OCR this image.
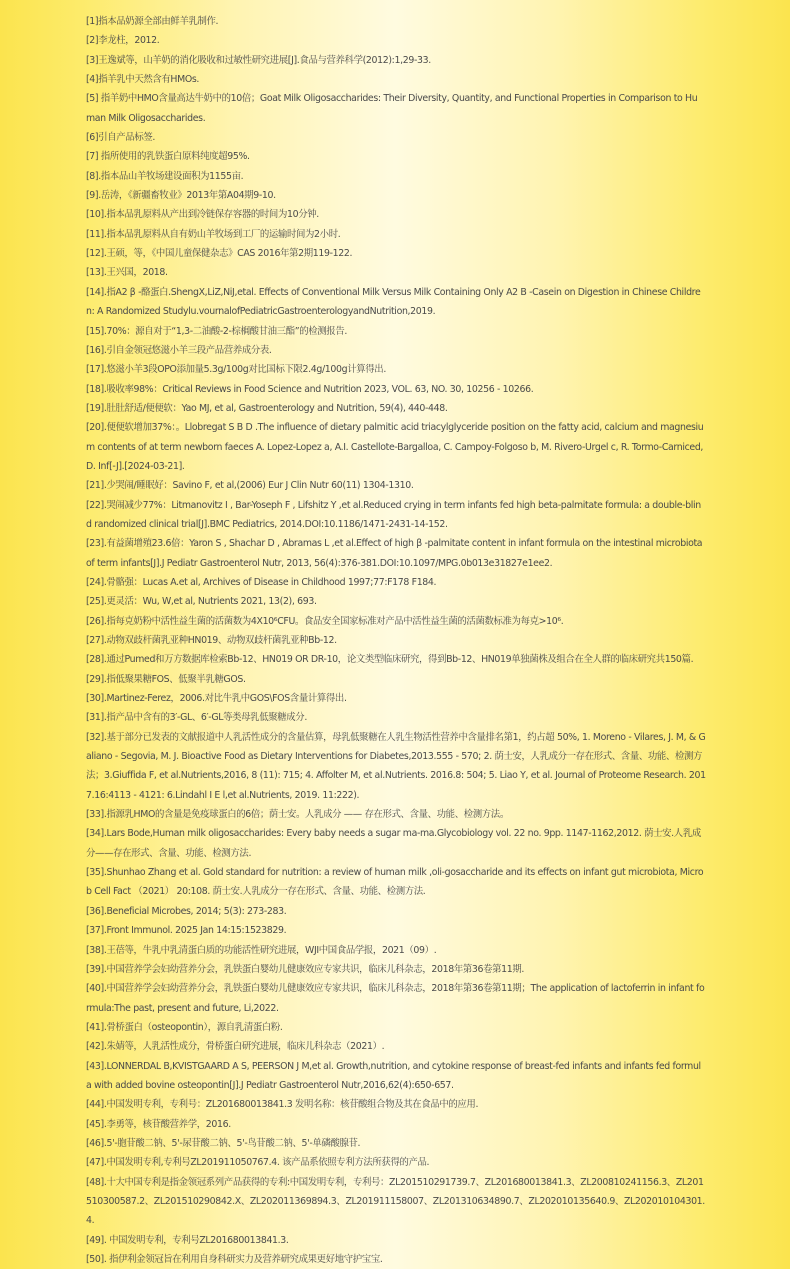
[1]指本品奶源全部由鲜羊乳制作.
[2]李龙柱，2012.
[3]王逸斌等，山羊奶的消化吸收和过敏性研究进展[J].食品与营养科学(2012):1,29-33.
[4]指羊乳中天然含有HMOs.
[5] 指羊奶中HMO含量高达牛奶中的10倍；Goat Milk Oligosaccharides: Their Diversity, Quantity, and Functional Properties in Comparison to Human Milk Oligosaccharides.
[6]引自产品标签.
[7] 指所使用的乳铁蛋白原料纯度超95%.
[8].指本品山羊牧场建设面积为1155亩.
[9].岳涛，《新疆畜牧业》2013年第A04期9-10.
[10].指本品乳原料从产出到冷链保存容器的时间为10分钟.
[11].指本品乳原料从自有奶山羊牧场到工厂的运输时间为2小时.
[12].王硕，等，《中国儿童保健杂志》CAS 2016年第2期119-122.
[13].王兴国，2018.
[14].指A2 β -酪蛋白.ShengX,LiZ,NiJ,etal. Effects of Conventional Milk Versus Milk Containing Only A2 B -Casein on Digestion in Chinese Children: A Randomized Studylu.vournalofPediatricGastroenterologyandNutrition,2019.
[15].70%：源自对于“1,3-二油酸-2-棕榈酸甘油三酯”的检测报告.
[16].引自金领冠悠滋小羊三段产品营养成分表.
[17].悠滋小羊3段OPO添加量5.3g/100g对比国标下限2.4g/100g计算得出.
[18].吸收率98%：Critical Reviews in Food Science and Nutrition 2023, VOL. 63, NO. 30, 10256 - 10266.
[19].肚肚舒适/便便软：Yao MJ, et al, Gastroenterology and Nutrition, 59(4), 440-448.
[20].便便软增加37%：。Llobregat S B D .The influence of dietary palmitic acid triacylglyceride position on the fatty acid, calcium and magnesium contents of at term newborn faeces A. Lopez-Lopez a, A.I. Castellote-Bargalloa, C. Campoy-Folgoso b, M. Rivero-Urgel c, R. Tormo-Carniced, D. Inf[-J].[2024-03-21].
[21].少哭闹/睡眠好：Savino F, et al,(2006) Eur J Clin Nutr 60(11) 1304-1310.
[22].哭闹减少77%：Litmanovitz I , Bar-Yoseph F , Lifshitz Y ,et al.Reduced crying in term infants fed high beta-palmitate formula: a double-blind randomized clinical trial[J].BMC Pediatrics, 2014.DOI:10.1186/1471-2431-14-152.
[23].有益菌增殖23.6倍：Yaron S , Shachar D , Abramas L ,et al.Effect of high β -palmitate content in infant formula on the intestinal microbiota of term infants[J].J Pediatr Gastroenterol Nutr, 2013, 56(4):376-381.DOI:10.1097/MPG.0b013e31827e1ee2.
[24].骨骼强：Lucas A.et al, Archives of Disease in Childhood 1997;77:F178 F184.
[25].更灵活：Wu, W,et al, Nutrients 2021, 13(2), 693.
[26].指每克奶粉中活性益生菌的活菌数为4X10⁶CFU。食品安全国家标准对产品中活性益生菌的活菌数标准为每克>10⁶.
[27].动物双歧杆菌乳亚种HN019、动物双歧杆菌乳亚种Bb-12.
[28].通过Pumed和万方数据库检索Bb-12、HN019 OR DR-10，论文类型临床研究，得到Bb-12、HN019单独菌株及组合在全人群的临床研究共150篇.
[29].指低聚果糖FOS、低聚半乳糖GOS.
[30].Martinez-Ferez，2006.对比牛乳中GOS\FOS含量计算得出.
[31].指产品中含有的3′-GL、6′-GL等类母乳低聚糖成分.
[32].基于部分已发表的文献报道中人乳活性成分的含量估算，母乳低聚糖在人乳生物活性营养中含量排名第1，约占超 50%, 1. Moreno - Vilares, J. M, & Galiano - Segovia, M. J. Bioactive Food as Dietary Interventions for Diabetes,2013.555 - 570; 2. 荫士安，人乳成分一存在形式、含量、功能、检测方法；3.Giuffida F, et al.Nutrients,2016, 8 (11): 715; 4. Affolter M, et al.Nutrients. 2016.8: 504; 5. Liao Y, et al. Journal of Proteome Research. 2017.16:4113 - 4121: 6.Lindahl I E l,et al.Nutrients, 2019. 11:222).
[33].指源乳HMO的含量是免疫球蛋白的6倍；荫士安。人乳成分 —— 存在形式、含量、功能、检测方法。
[34].Lars Bode,Human milk oligosaccharides: Every baby needs a sugar ma-ma.Glycobiology vol. 22 no. 9pp. 1147-1162,2012. 荫士安.人乳成分——存在形式、含量、功能、检测方法.
[35].Shunhao Zhang et al. Gold standard for nutrition: a review of human milk ,oli-gosaccharide and its effects on infant gut microbiota, Microb Cell Fact （2021） 20:108. 荫士安.人乳成分一存在形式、含量、功能、检测方法.
[36].Beneficial Microbes, 2014; 5(3): 273-283.
[37].Front Immunol. 2025 Jan 14:15:1523829.
[38].王蓓等，牛乳中乳清蛋白质的功能活性研究进展，WJI中国食品学报，2021（09）.
[39].中国营养学会妇幼营养分会，乳铁蛋白婴幼儿健康效应专家共识，临床儿科杂志，2018年第36卷第11期.
[40].中国营养学会妇幼营养分会，乳铁蛋白婴幼儿健康效应专家共识，临床儿科杂志，2018年第36卷第11期；The application of lactoferrin in infant formula:The past, present and future, Li,2022.
[41].骨桥蛋白（osteopontin），源自乳清蛋白粉.
[42].朱婧等，人乳活性成分，骨桥蛋白研究进展，临床儿科杂志（2021）.
[43].LONNERDAL B,KVISTGAARD A S, PEERSON J M,et al. Growth,nutrition, and cytokine response of breast-fed infants and infants fed formula with added bovine osteopontin[J].J Pediatr Gastroenterol Nutr,2016,62(4):650-657.
[44].中国发明专利，专利号：ZL201680013841.3 发明名称：核苷酸组合物及其在食品中的应用.
[45].李勇等，核苷酸营养学，2016.
[46].5'-胞苷酸二钠、5'-尿苷酸二钠、5'-鸟苷酸二钠、5'-单磷酸腺苷.
[47].中国发明专利,专利号ZL201911050767.4. 该产品系依照专利方法所获得的产品.
[48].十大中国专利是指金领冠系列产品获得的专利:中国发明专利，专利号：ZL201510291739.7、ZL201680013841.3、ZL200810241156.3、ZL201510300587.2、ZL201510290842.X、ZL202011369894.3、ZL201911158007、ZL201310634890.7、ZL202010135640.9、ZL202010104301.4.
[49]. 中国发明专利，专利号ZL201680013841.3.
[50]. 指伊利金领冠旨在利用自身科研实力及营养研究成果更好地守护宝宝.
